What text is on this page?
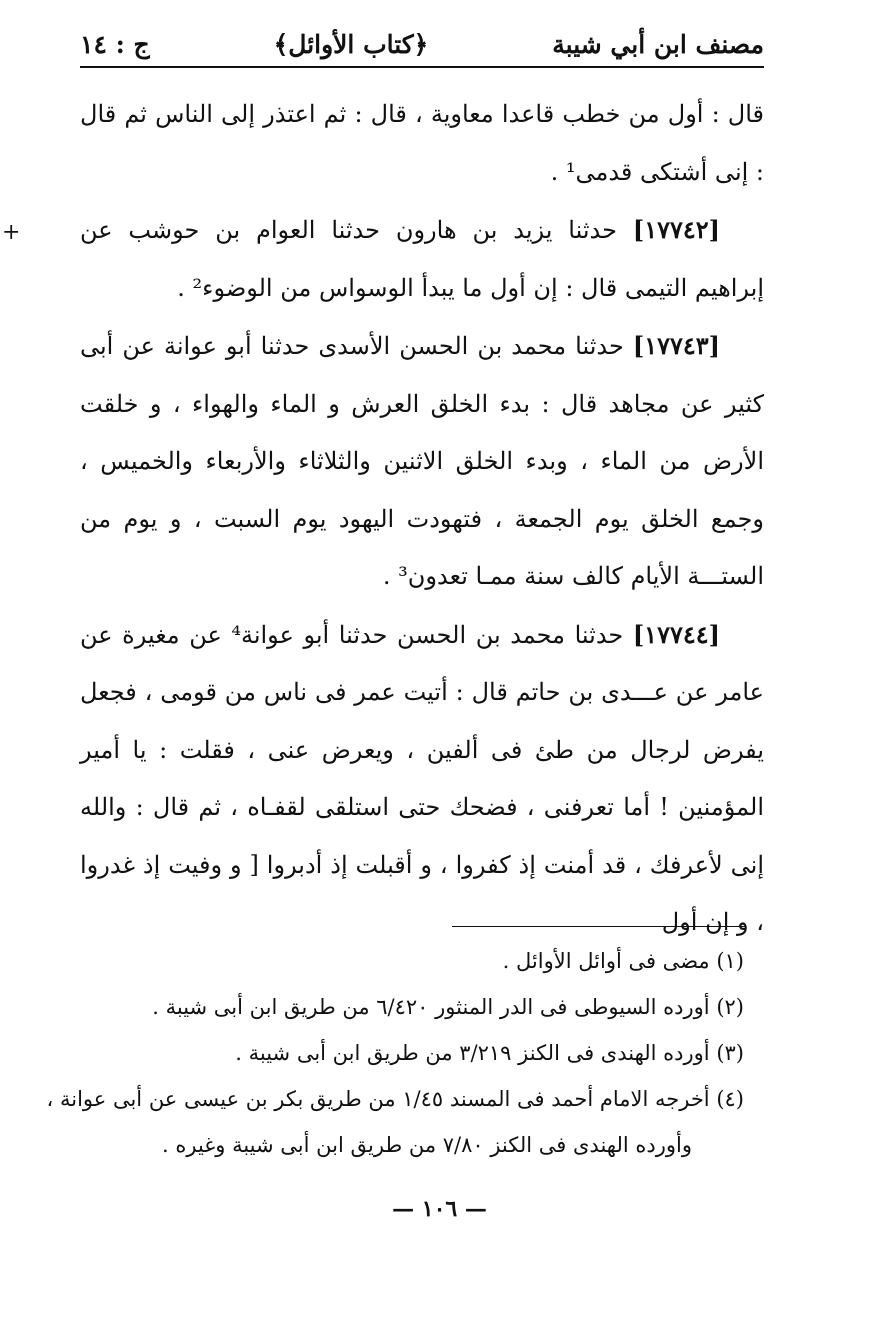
مصنف ابن أبي شيبة
﴿كتاب الأوائل﴾
ج : ١٤
+

قال : أول من خطب قاعدا معاوية ، قال : ثم اعتذر إلى الناس ثم قال : إنى أشتكى قدمى¹ .

[١٧٧٤٢] حدثنا يزيد بن هارون حدثنا العوام بن حوشب عن إبراهيم التيمى قال : إن أول ما يبدأ الوسواس من الوضوء² .

[١٧٧٤٣] حدثنا محمد بن الحسن الأسدى حدثنا أبو عوانة عن أبى كثير عن مجاهد قال : بدء الخلق العرش و الماء والهواء ، و خلقت الأرض من الماء ، وبدء الخلق الاثنين والثلاثاء والأربعاء والخميس ، وجمع الخلق يوم الجمعة ، فتهودت اليهود يوم السبت ، و يوم من الستـــة الأيام كالف سنة ممـا تعدون³ .

[١٧٧٤٤] حدثنا محمد بن الحسن حدثنا أبو عوانة⁴ عن مغيرة عن عامر عن عـــدى بن حاتم قال : أتيت عمر فى ناس من قومى ، فجعل يفرض لرجال من طئ فى ألفين ، ويعرض عنى ، فقلت : يا أمير المؤمنين ! أما تعرفنى ، فضحك حتى استلقى لقفـاه ، ثم قال : والله إنى لأعرفك ، قد أمنت إذ كفروا ، و أقبلت إذ أدبروا [ و وفيت إذ غدروا ، و إن أول

(١) مضى فى أوائل الأوائل .

(٢) أورده السيوطى فى الدر المنثور ٦/٤٢٠ من طريق ابن أبى شيبة .

(٣) أورده الهندى فى الكنز ٣/٢١٩ من طريق ابن أبى شيبة .

(٤) أخرجه الامام أحمد فى المسند ١/٤٥ من طريق بكر بن عيسى عن أبى عوانة ،

وأورده الهندى فى الكنز ٧/٨٠ من طريق ابن أبى شيبة وغيره .

— ١٠٦ —
